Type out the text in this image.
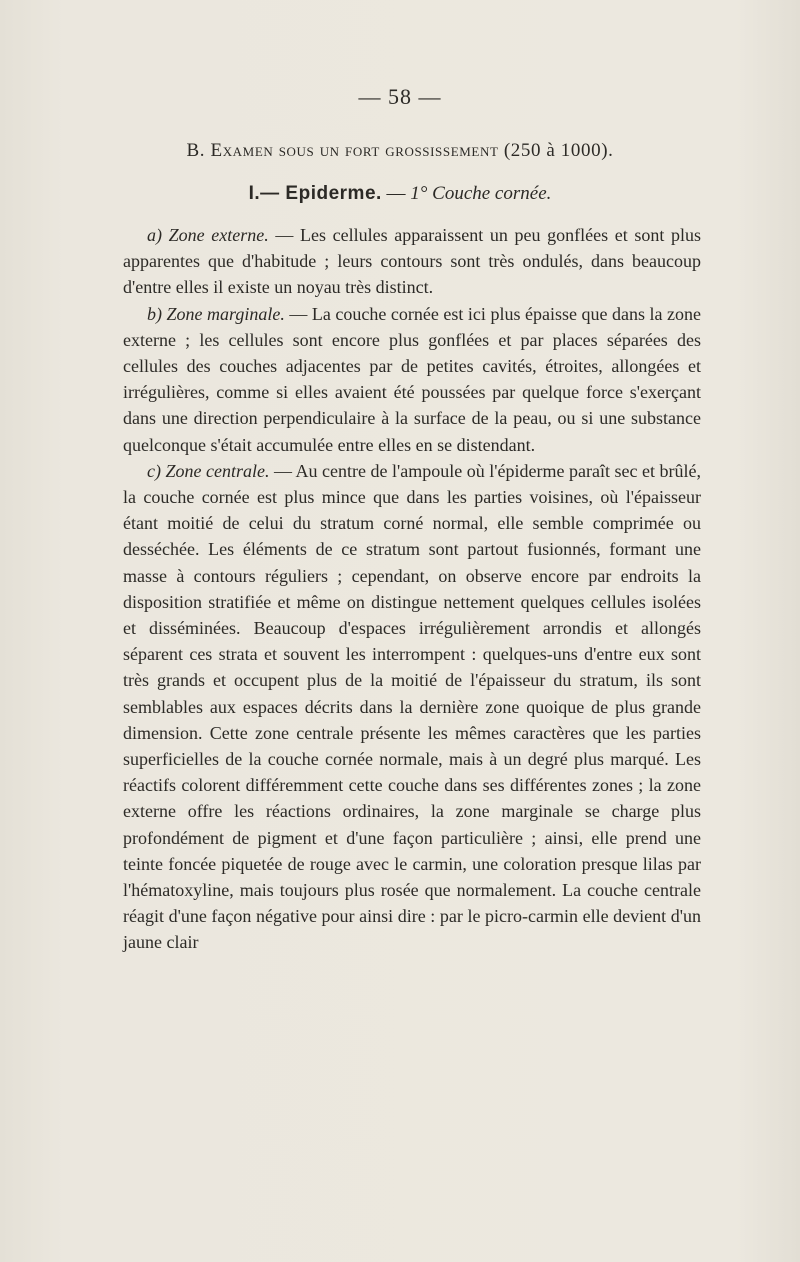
— 58 —
B. Examen sous un fort grossissement (250 à 1000).
I.— Epiderme. — 1° Couche cornée.

a) Zone externe. — Les cellules apparaissent un peu gonflées et sont plus apparentes que d'habitude ; leurs contours sont très ondulés, dans beaucoup d'entre elles il existe un noyau très distinct.

b) Zone marginale. — La couche cornée est ici plus épaisse que dans la zone externe ; les cellules sont encore plus gonflées et par places séparées des cellules des couches adjacentes par de petites cavités, étroites, allongées et irrégulières, comme si elles avaient été poussées par quelque force s'exerçant dans une direction perpendiculaire à la surface de la peau, ou si une substance quelconque s'était accumulée entre elles en se distendant.

c) Zone centrale. — Au centre de l'ampoule où l'épiderme paraît sec et brûlé, la couche cornée est plus mince que dans les parties voisines, où l'épaisseur étant moitié de celui du stratum corné normal, elle semble comprimée ou desséchée. Les éléments de ce stratum sont partout fusionnés, formant une masse à contours réguliers ; cependant, on observe encore par endroits la disposition stratifiée et même on distingue nettement quelques cellules isolées et disséminées. Beaucoup d'espaces irrégulièrement arrondis et allongés séparent ces strata et souvent les interrompent : quelques-uns d'entre eux sont très grands et occupent plus de la moitié de l'épaisseur du stratum, ils sont semblables aux espaces décrits dans la dernière zone quoique de plus grande dimension. Cette zone centrale présente les mêmes caractères que les parties superficielles de la couche cornée normale, mais à un degré plus marqué. Les réactifs colorent différemment cette couche dans ses différentes zones ; la zone externe offre les réactions ordinaires, la zone marginale se charge plus profondément de pigment et d'une façon particulière ; ainsi, elle prend une teinte foncée piquetée de rouge avec le carmin, une coloration presque lilas par l'hématoxyline, mais toujours plus rosée que normalement. La couche centrale réagit d'une façon négative pour ainsi dire : par le picro-carmin elle devient d'un jaune clair
